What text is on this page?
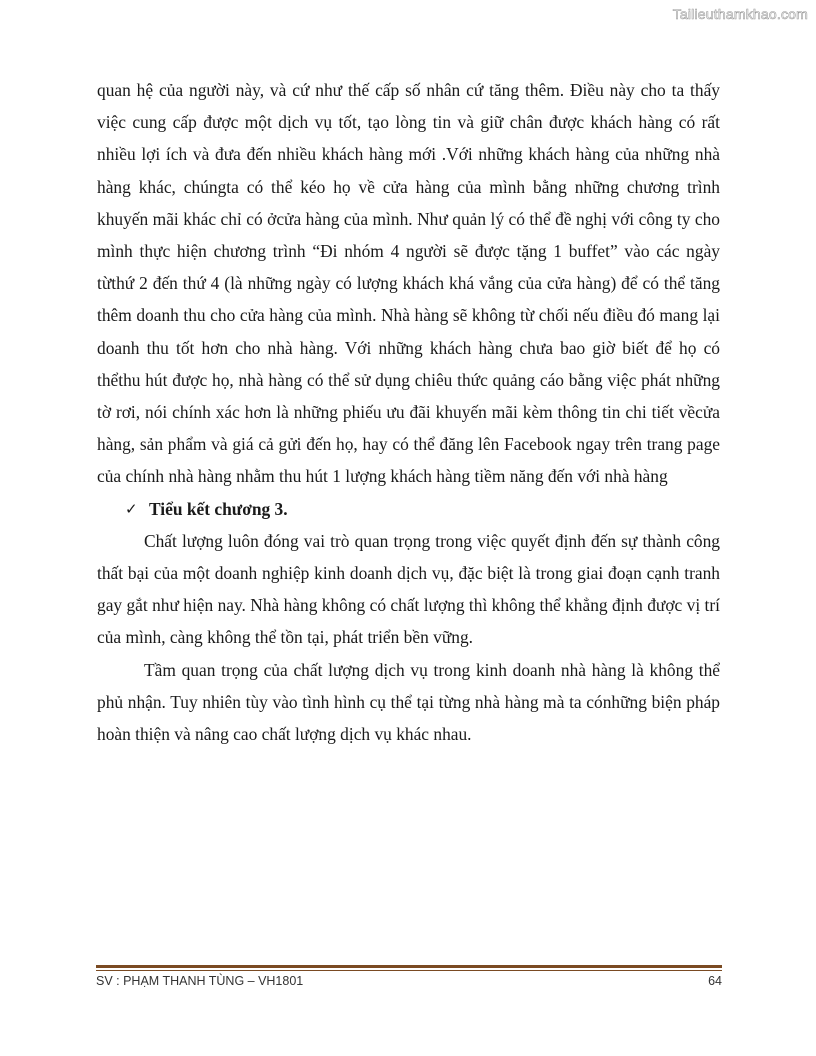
Tailieuthamkhao.com

quan hệ của người này, và cứ như thế cấp số nhân cứ tăng thêm. Điều này cho ta thấy việc cung cấp được một dịch vụ tốt, tạo lòng tin và giữ chân được khách hàng có rất nhiều lợi ích và đưa đến nhiều khách hàng mới .Với những khách hàng của những nhà hàng khác, chúngta có thể kéo họ về cửa hàng của mình bằng những chương trình khuyến mãi khác chỉ có ởcửa hàng của mình. Như quản lý có thể đề nghị với công ty cho mình thực hiện chương trình “Đi nhóm 4 người sẽ được tặng 1 buffet” vào các ngày từthứ 2 đến thứ 4 (là những ngày có lượng khách khá vắng của cửa hàng) để có thể tăng thêm doanh thu cho cửa hàng của mình. Nhà hàng sẽ không từ chối nếu điều đó mang lại doanh thu tốt hơn cho nhà hàng. Với những khách hàng chưa bao giờ biết để họ có thểthu hút được họ, nhà hàng có thể sử dụng chiêu thức quảng cáo bằng việc phát những tờ rơi, nói chính xác hơn là những phiếu ưu đãi khuyến mãi kèm thông tin chi tiết vềcửa hàng, sản phẩm và giá cả gửi đến họ, hay có thể đăng lên Facebook ngay trên trang page của chính nhà hàng nhằm thu hút 1 lượng khách hàng tiềm năng đến với nhà hàng

✓ Tiểu kết chương 3.

Chất lượng luôn đóng vai trò quan trọng trong việc quyết định đến sự thành công thất bại của một doanh nghiệp kinh doanh dịch vụ, đặc biệt là trong giai đoạn cạnh tranh gay gắt như hiện nay. Nhà hàng không có chất lượng thì không thể khẳng định được vị trí của mình, càng không thể tồn tại, phát triển bền vững.

Tầm quan trọng của chất lượng dịch vụ trong kinh doanh nhà hàng là không thể phủ nhận. Tuy nhiên tùy vào tình hình cụ thể tại từng nhà hàng mà ta cónhững biện pháp hoàn thiện và nâng cao chất lượng dịch vụ khác nhau.

SV : PHẠM THANH TÙNG – VH1801	64
